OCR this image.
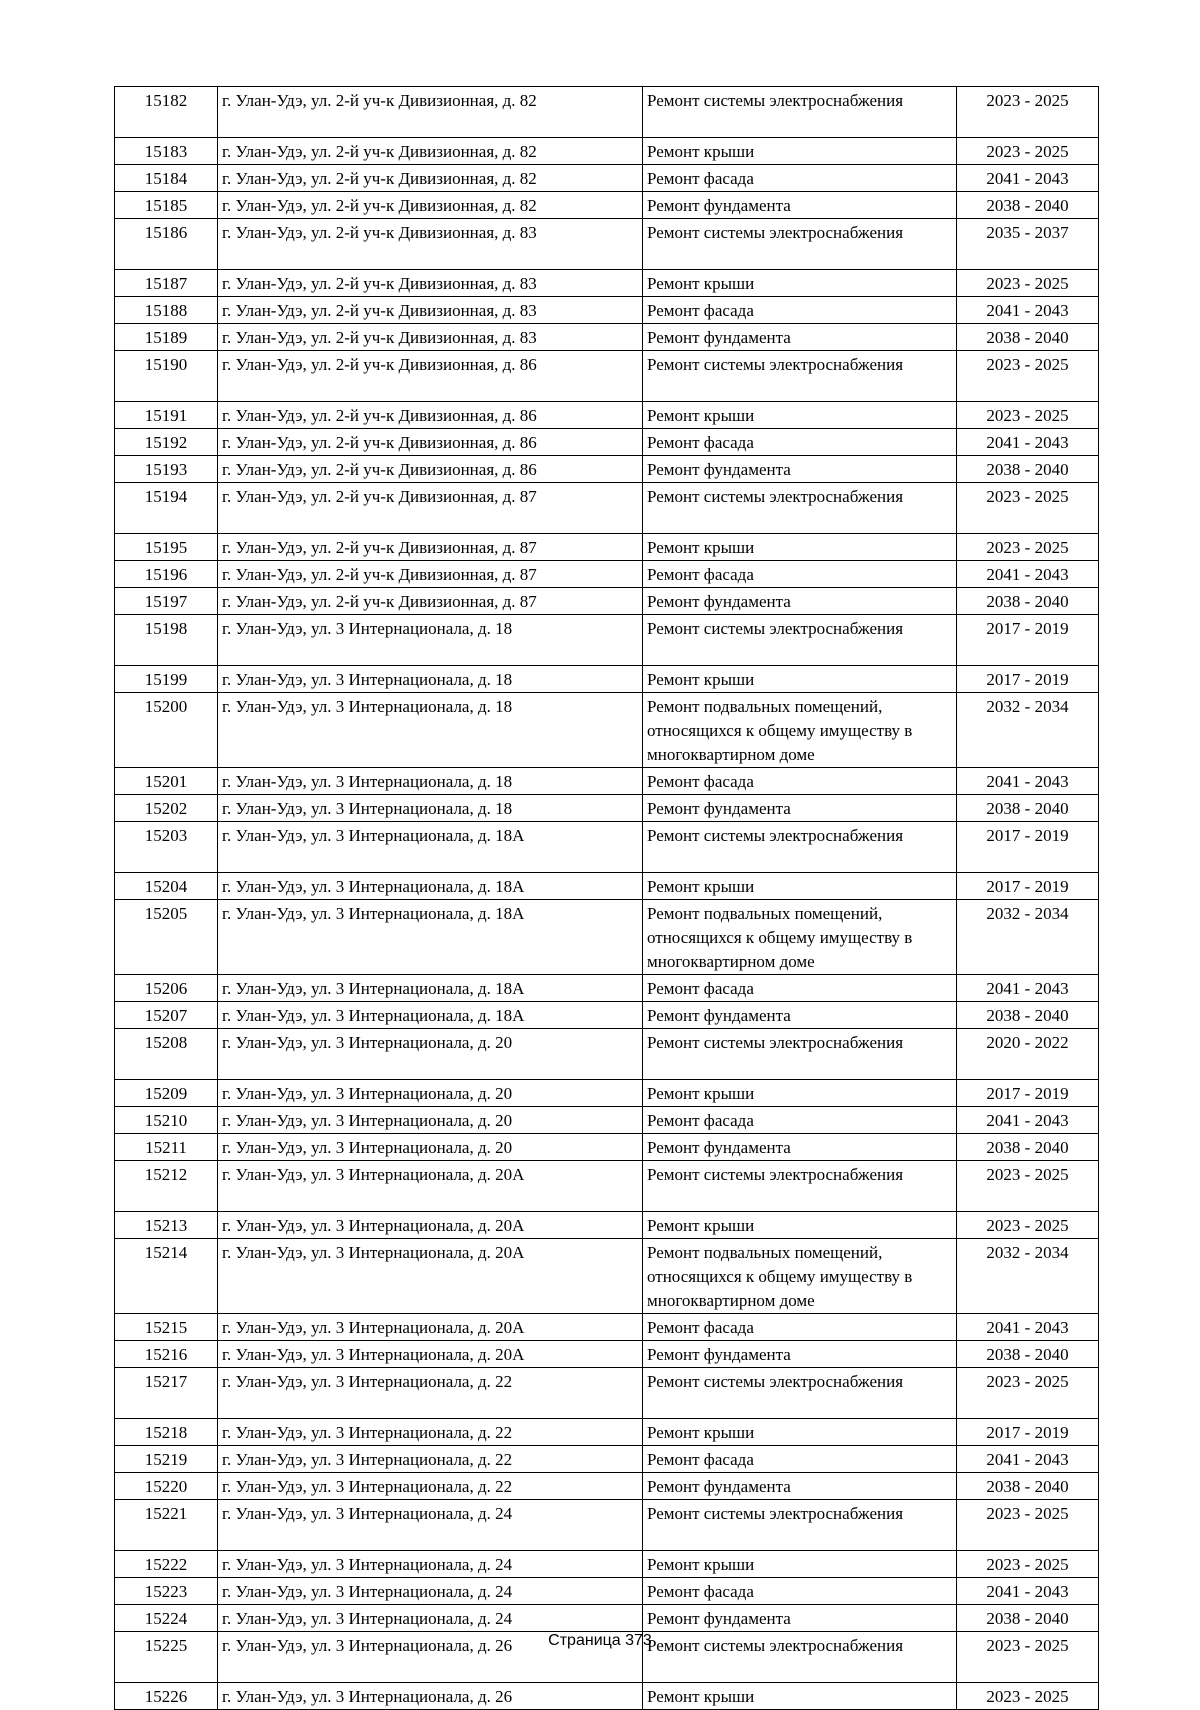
15182	г. Улан-Удэ, ул. 2-й уч-к Дивизионная, д. 82	Ремонт системы электроснабжения	2023 - 2025
15183	г. Улан-Удэ, ул. 2-й уч-к Дивизионная, д. 82	Ремонт крыши	2023 - 2025
15184	г. Улан-Удэ, ул. 2-й уч-к Дивизионная, д. 82	Ремонт фасада	2041 - 2043
15185	г. Улан-Удэ, ул. 2-й уч-к Дивизионная, д. 82	Ремонт фундамента	2038 - 2040
15186	г. Улан-Удэ, ул. 2-й уч-к Дивизионная, д. 83	Ремонт системы электроснабжения	2035 - 2037
15187	г. Улан-Удэ, ул. 2-й уч-к Дивизионная, д. 83	Ремонт крыши	2023 - 2025
15188	г. Улан-Удэ, ул. 2-й уч-к Дивизионная, д. 83	Ремонт фасада	2041 - 2043
15189	г. Улан-Удэ, ул. 2-й уч-к Дивизионная, д. 83	Ремонт фундамента	2038 - 2040
15190	г. Улан-Удэ, ул. 2-й уч-к Дивизионная, д. 86	Ремонт системы электроснабжения	2023 - 2025
15191	г. Улан-Удэ, ул. 2-й уч-к Дивизионная, д. 86	Ремонт крыши	2023 - 2025
15192	г. Улан-Удэ, ул. 2-й уч-к Дивизионная, д. 86	Ремонт фасада	2041 - 2043
15193	г. Улан-Удэ, ул. 2-й уч-к Дивизионная, д. 86	Ремонт фундамента	2038 - 2040
15194	г. Улан-Удэ, ул. 2-й уч-к Дивизионная, д. 87	Ремонт системы электроснабжения	2023 - 2025
15195	г. Улан-Удэ, ул. 2-й уч-к Дивизионная, д. 87	Ремонт крыши	2023 - 2025
15196	г. Улан-Удэ, ул. 2-й уч-к Дивизионная, д. 87	Ремонт фасада	2041 - 2043
15197	г. Улан-Удэ, ул. 2-й уч-к Дивизионная, д. 87	Ремонт фундамента	2038 - 2040
15198	г. Улан-Удэ, ул. 3 Интернационала, д. 18	Ремонт системы электроснабжения	2017 - 2019
15199	г. Улан-Удэ, ул. 3 Интернационала, д. 18	Ремонт крыши	2017 - 2019
15200	г. Улан-Удэ, ул. 3 Интернационала, д. 18	Ремонт подвальных помещений, относящихся к общему имуществу в многоквартирном доме	2032 - 2034
15201	г. Улан-Удэ, ул. 3 Интернационала, д. 18	Ремонт фасада	2041 - 2043
15202	г. Улан-Удэ, ул. 3 Интернационала, д. 18	Ремонт фундамента	2038 - 2040
15203	г. Улан-Удэ, ул. 3 Интернационала, д. 18А	Ремонт системы электроснабжения	2017 - 2019
15204	г. Улан-Удэ, ул. 3 Интернационала, д. 18А	Ремонт крыши	2017 - 2019
15205	г. Улан-Удэ, ул. 3 Интернационала, д. 18А	Ремонт подвальных помещений, относящихся к общему имуществу в многоквартирном доме	2032 - 2034
15206	г. Улан-Удэ, ул. 3 Интернационала, д. 18А	Ремонт фасада	2041 - 2043
15207	г. Улан-Удэ, ул. 3 Интернационала, д. 18А	Ремонт фундамента	2038 - 2040
15208	г. Улан-Удэ, ул. 3 Интернационала, д. 20	Ремонт системы электроснабжения	2020 - 2022
15209	г. Улан-Удэ, ул. 3 Интернационала, д. 20	Ремонт крыши	2017 - 2019
15210	г. Улан-Удэ, ул. 3 Интернационала, д. 20	Ремонт фасада	2041 - 2043
15211	г. Улан-Удэ, ул. 3 Интернационала, д. 20	Ремонт фундамента	2038 - 2040
15212	г. Улан-Удэ, ул. 3 Интернационала, д. 20А	Ремонт системы электроснабжения	2023 - 2025
15213	г. Улан-Удэ, ул. 3 Интернационала, д. 20А	Ремонт крыши	2023 - 2025
15214	г. Улан-Удэ, ул. 3 Интернационала, д. 20А	Ремонт подвальных помещений, относящихся к общему имуществу в многоквартирном доме	2032 - 2034
15215	г. Улан-Удэ, ул. 3 Интернационала, д. 20А	Ремонт фасада	2041 - 2043
15216	г. Улан-Удэ, ул. 3 Интернационала, д. 20А	Ремонт фундамента	2038 - 2040
15217	г. Улан-Удэ, ул. 3 Интернационала, д. 22	Ремонт системы электроснабжения	2023 - 2025
15218	г. Улан-Удэ, ул. 3 Интернационала, д. 22	Ремонт крыши	2017 - 2019
15219	г. Улан-Удэ, ул. 3 Интернационала, д. 22	Ремонт фасада	2041 - 2043
15220	г. Улан-Удэ, ул. 3 Интернационала, д. 22	Ремонт фундамента	2038 - 2040
15221	г. Улан-Удэ, ул. 3 Интернационала, д. 24	Ремонт системы электроснабжения	2023 - 2025
15222	г. Улан-Удэ, ул. 3 Интернационала, д. 24	Ремонт крыши	2023 - 2025
15223	г. Улан-Удэ, ул. 3 Интернационала, д. 24	Ремонт фасада	2041 - 2043
15224	г. Улан-Удэ, ул. 3 Интернационала, д. 24	Ремонт фундамента	2038 - 2040
15225	г. Улан-Удэ, ул. 3 Интернационала, д. 26	Ремонт системы электроснабжения	2023 - 2025
15226	г. Улан-Удэ, ул. 3 Интернационала, д. 26	Ремонт крыши	2023 - 2025
Страница 373
